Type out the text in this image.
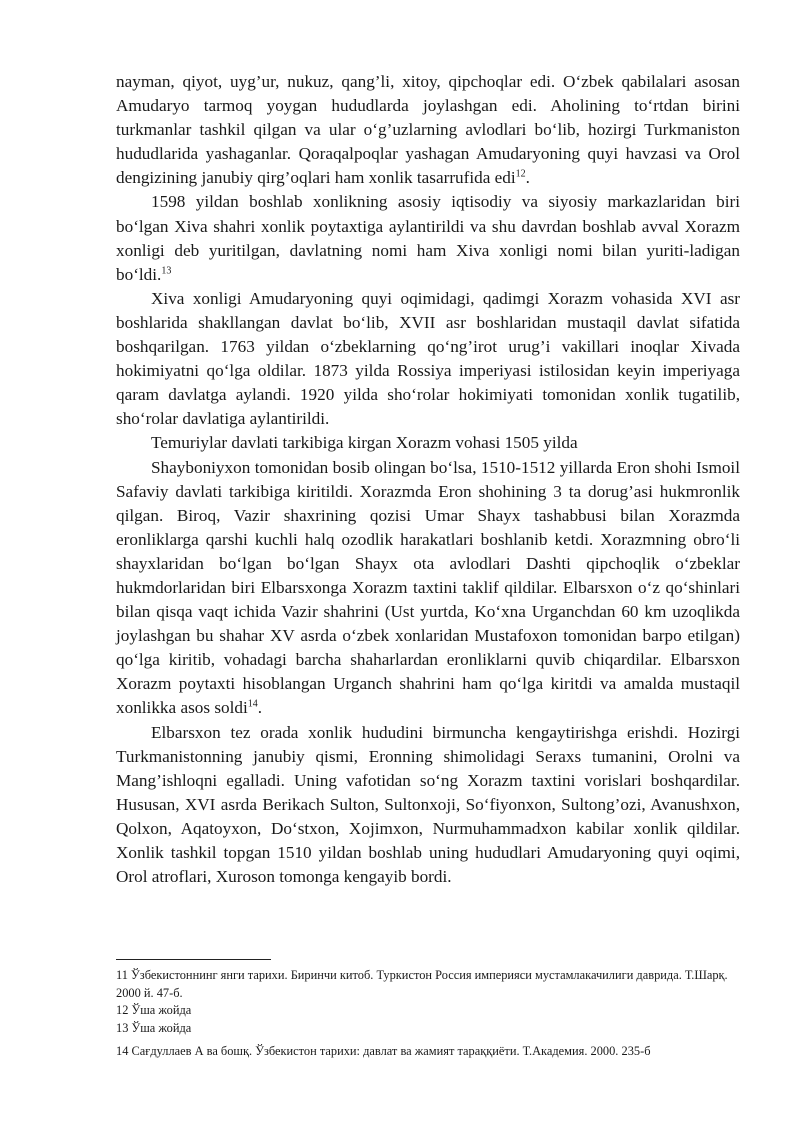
nayman, qiyot, uyg’ur, nukuz, qang’li, xitoy, qipchoqlar edi. O‘zbek qabilalari asosan Amudaryo tarmoq yoygan hududlarda joylashgan edi. Aholining to‘rtdan birini turkmanlar tashkil qilgan va ular o‘g’uzlarning avlodlari bo‘lib, hozirgi Turkmaniston hududlarida yashaganlar. Qoraqalpoqlar yashagan Amudaryoning quyi havzasi va Orol dengizining janubiy qirg’oqlari ham xonlik tasarrufida edi$^{12}$.

1598 yildan boshlab xonlikning asosiy iqtisodiy va siyosiy markazlaridan biri bo‘lgan Xiva shahri xonlik poytaxtiga aylantirildi va shu davrdan boshlab avval Xorazm xonligi deb yuritilgan, davlatning nomi ham Xiva xonligi nomi bilan yuriti-ladigan bo‘ldi.$^{13}$

Xiva xonligi Amudaryoning quyi oqimidagi, qadimgi Xorazm vohasida XVI asr boshlarida shakllangan davlat bo‘lib, XVII asr boshlaridan mustaqil davlat sifatida boshqarilgan. 1763 yildan o‘zbeklarning qo‘ng’irot urug’i vakillari inoqlar Xivada hokimiyatni qo‘lga oldilar. 1873 yilda Rossiya imperiyasi istilosidan keyin imperiyaga qaram davlatga aylandi. 1920 yilda sho‘rolar hokimiyati tomonidan xonlik tugatilib, sho‘rolar davlatiga aylantirildi.

Temuriylar davlati tarkibiga kirgan Xorazm vohasi 1505 yilda

Shayboniyxon tomonidan bosib olingan bo‘lsa, 1510-1512 yillarda Eron shohi Ismoil Safaviy davlati tarkibiga kiritildi. Xorazmda Eron shohining 3 ta dorug’asi hukmronlik qilgan. Biroq, Vazir shaxrining qozisi Umar Shayx tashabbusi bilan Xorazmda eronliklarga qarshi kuchli halq ozodlik harakatlari boshlanib ketdi. Xorazmning obro‘li shayxlaridan bo‘lgan bo‘lgan Shayx ota avlodlari Dashti qipchoqlik o‘zbeklar hukmdorlaridan biri Elbarsxonga Xorazm taxtini taklif qildilar. Elbarsxon o‘z qo‘shinlari bilan qisqa vaqt ichida Vazir shahrini (Ust yurtda, Ko‘xna Urganchdan 60 km uzoqlikda joylashgan bu shahar XV asrda o‘zbek xonlaridan Mustafoxon tomonidan barpo etilgan) qo‘lga kiritib, vohadagi barcha shaharlardan eronliklarni quvib chiqardilar. Elbarsxon Xorazm poytaxti hisoblangan Urganch shahrini ham qo‘lga kiritdi va amalda mustaqil xonlikka asos soldi$^{14}$.

Elbarsxon tez orada xonlik hududini birmuncha kengaytirishga erishdi. Hozirgi Turkmanistonning janubiy qismi, Eronning shimolidagi Seraxs tumanini, Orolni va Mang’ishloqni egalladi. Uning vafotidan so‘ng Xorazm taxtini vorislari boshqardilar. Hususan, XVI asrda Berikach Sulton, Sultonxoji, So‘fiyonxon, Sultong’ozi, Avanushxon, Qolxon, Aqatoyxon, Do‘stxon, Xojimxon, Nurmuhammadxon kabilar xonlik qildilar. Xonlik tashkil topgan 1510 yildan boshlab uning hududlari Amudaryoning quyi oqimi, Orol atroflari, Xuroson tomonga kengayib bordi.

11 Ўзбекистоннинг янги тарихи. Биринчи китоб. Туркистон Россия империяси мустамлакачилиги даврида. Т.Шарқ. 2000 й. 47-б.

12 Ўша жойда

13 Ўша жойда

14 Сағдуллаев А ва бошқ. Ўзбекистон тарихи: давлат ва жамият тараққиёти. Т.Академия. 2000. 235-б
